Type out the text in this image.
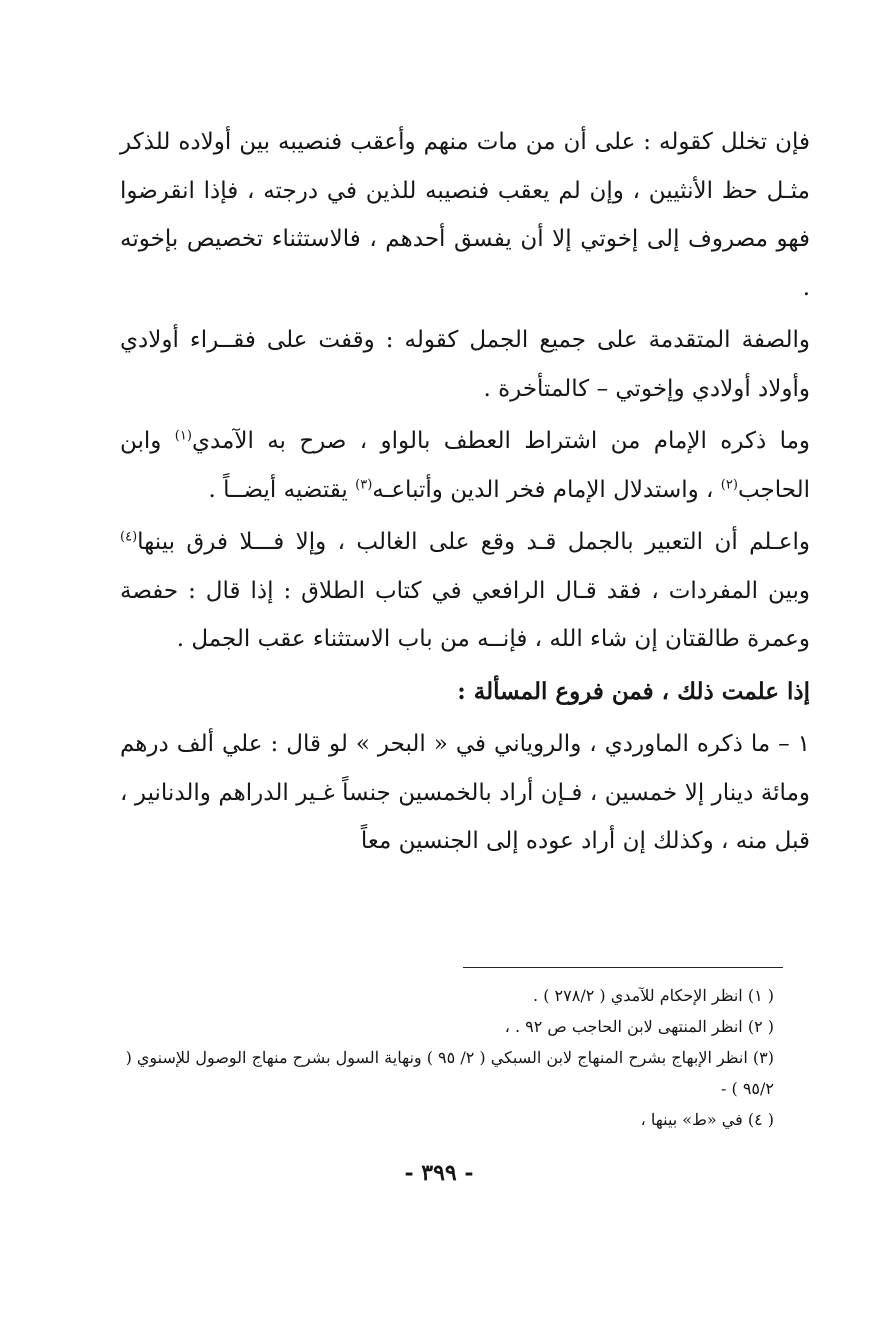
فإن تخلل كقوله : على أن من مات منهم وأعقب فنصيبه بين أولاده للذكر مثـل حظ الأنثيين ، وإن لم يعقب فنصيبه للذين في درجته ، فإذا انقرضوا فهو مصروف إلى إخوتي إلا أن يفسق أحدهم ، فالاستثناء تخصيص بإخوته .

والصفة المتقدمة على جميع الجمل كقوله : وقفت على فقــراء أولادي وأولاد أولادي وإخوتي – كالمتأخرة .

وما ذكره الإمام من اشتراط العطف بالواو ، صرح به الآمدي$^{(١)}$ وابن الحاجب$^{(٢)}$ ، واستدلال الإمام فخر الدين وأتباعـه$^{(٣)}$ يقتضيه أيضــاً .

واعـلم أن التعبير بالجمل قـد وقع على الغالب ، وإلا فـــلا فرق بينها$^{(٤)}$ وبين المفردات ، فقد قـال الرافعي في كتاب الطلاق : إذا قال : حفصة وعمرة طالقتان إن شاء الله ، فإنــه من باب الاستثناء عقب الجمل .

إذا علمت ذلك ، فمن فروع المسألة :

١ – ما ذكره الماوردي ، والروياني في « البحر » لو قال : علي ألف درهم ومائة دينار إلا خمسين ، فـإن أراد بالخمسين جنساً غـير الدراهم والدنانير ، قبل منه ، وكذلك إن أراد عوده إلى الجنسين معاً

( ١) انظر الإحكام للآمدي ( ٢٧٨/٢ ) .

( ٢) انظر المنتهى لابن الحاجب ص ٩٢ . ،

(٣) انظر الإبهاج بشرح المنهاج لابن السبكي ( ٢/ ٩٥ ) ونهاية السول بشرح منهاج الوصول للإسنوي ( ٩٥/٢ ) -

( ٤) في «ط» بينها ،

- ٣٩٩ -
